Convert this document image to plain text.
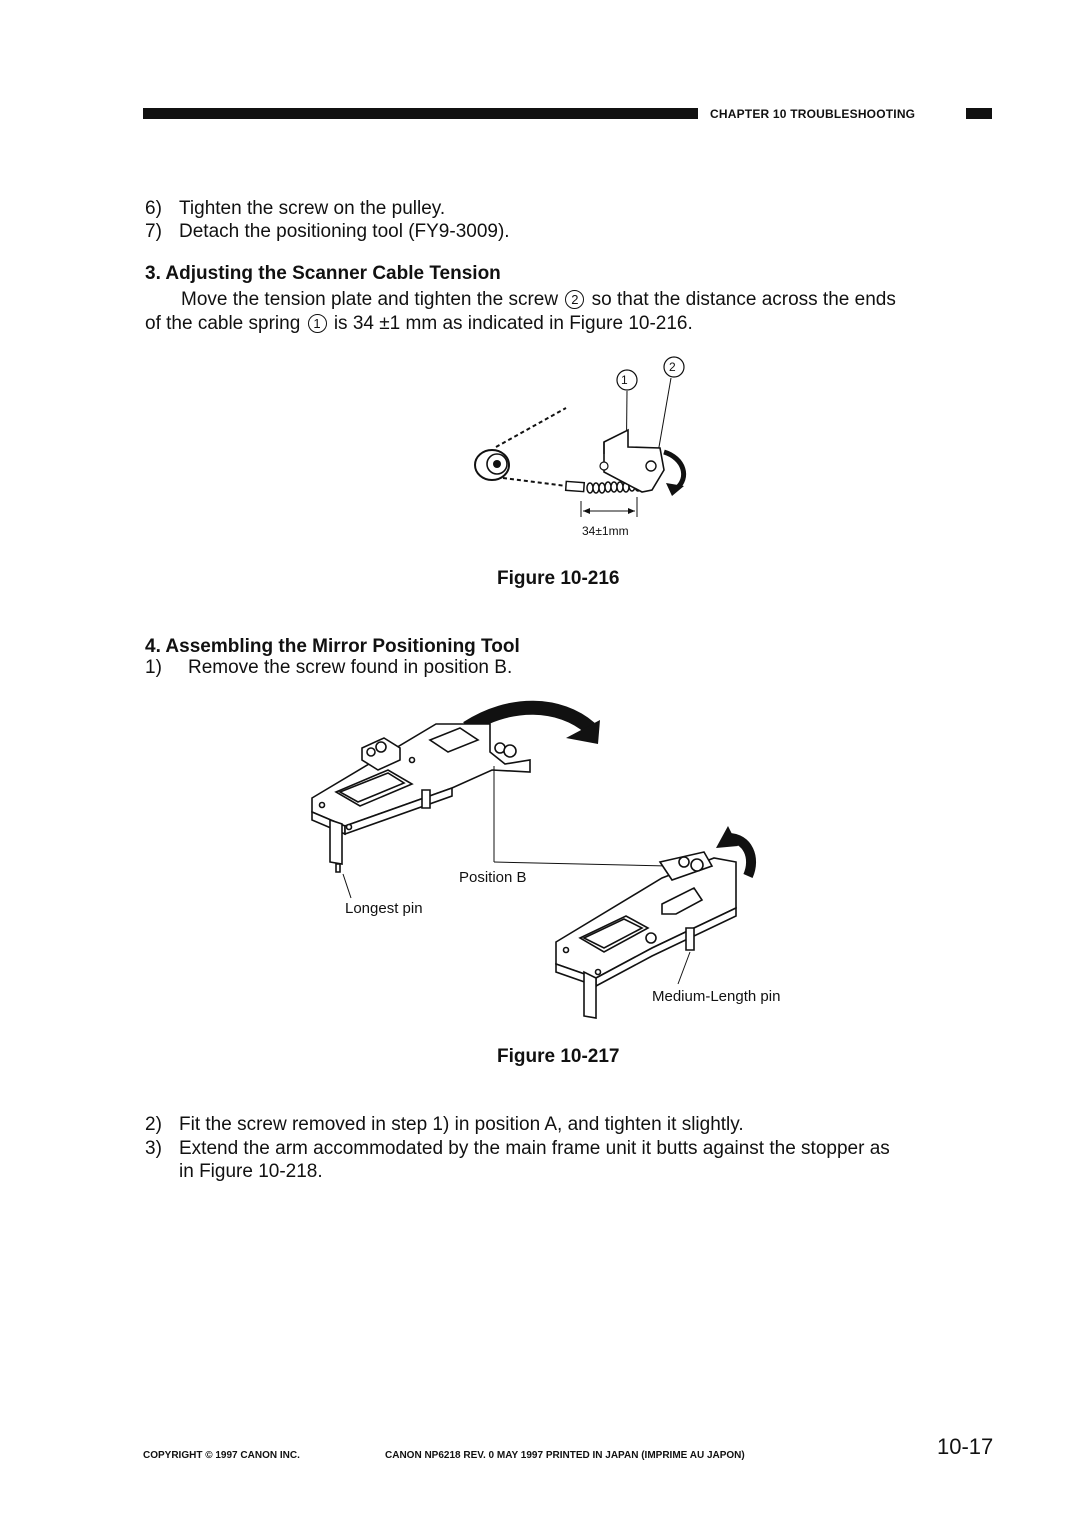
CHAPTER 10 TROUBLESHOOTING
6) Tighten the screw on the pulley.
7) Detach the positioning tool (FY9-3009).
3. Adjusting the Scanner Cable Tension
Move the tension plate and tighten the screw 2 so that the distance across the ends
of the cable spring 1 is 34 ±1 mm as indicated in Figure 10-216.
1
2
34±1mm
Figure 10-216
4. Assembling the Mirror Positioning Tool
1) Remove the screw found in position B.
Position B
Longest pin
Medium-Length pin
Figure 10-217
2) Fit the screw removed in step 1) in position A, and tighten it slightly.
3) Extend the arm accommodated by the main frame unit it butts against the stopper as
in Figure 10-218.
COPYRIGHT © 1997 CANON INC.	CANON NP6218 REV. 0 MAY 1997 PRINTED IN JAPAN (IMPRIME AU JAPON)	10-17
